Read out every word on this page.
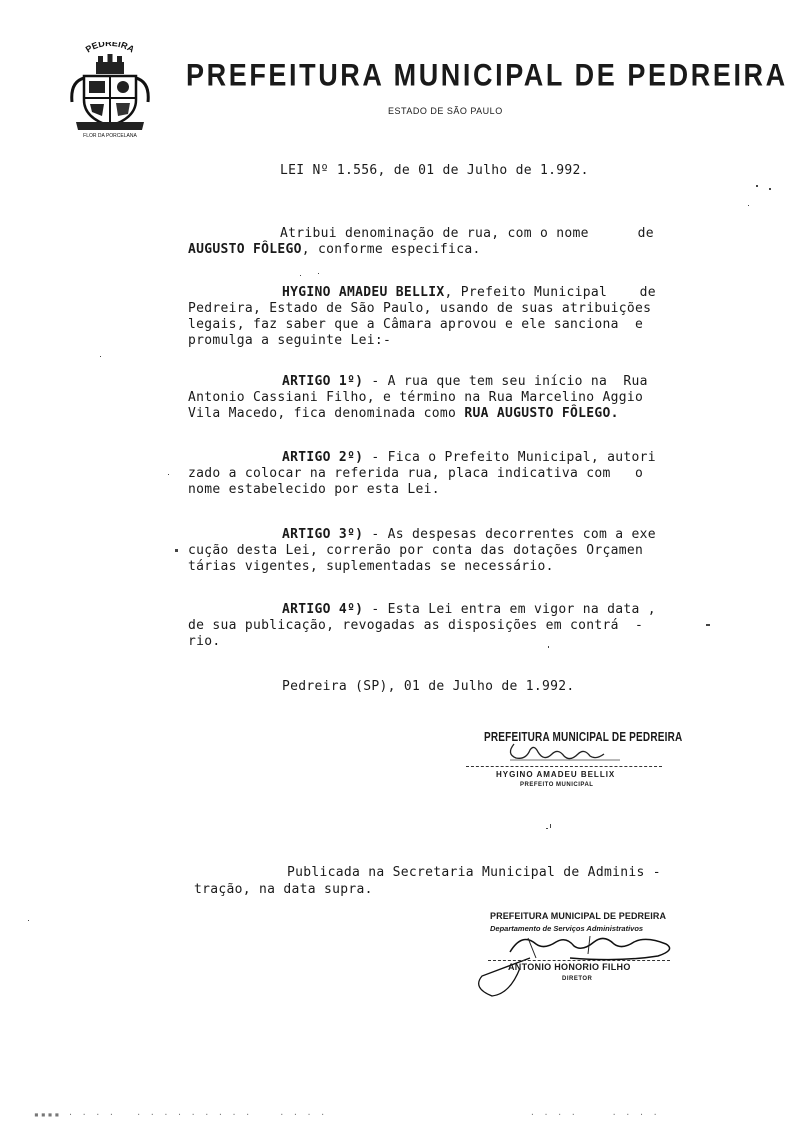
PEDREIRA
FLOR DA PORCELANA
PREFEITURA MUNICIPAL DE PEDREIRA
ESTADO DE SÃO PAULO
LEI Nº 1.556, de 01 de Julho de 1.992.
Atribui denominação de rua, com o nome      de
AUGUSTO FÔLEGO, conforme especifica.
HYGINO AMADEU BELLIX, Prefeito Municipal    de
Pedreira, Estado de São Paulo, usando de suas atribuições
legais, faz saber que a Câmara aprovou e ele sanciona  e
promulga a seguinte Lei:-
ARTIGO 1º) - A rua que tem seu início na  Rua
Antonio Cassiani Filho, e término na Rua Marcelino Aggio
Vila Macedo, fica denominada como RUA AUGUSTO FÔLEGO.
ARTIGO 2º) - Fica o Prefeito Municipal, autori
zado a colocar na referida rua, placa indicativa com   o
nome estabelecido por esta Lei.
ARTIGO 3º) - As despesas decorrentes com a exe
cução desta Lei, correrão por conta das dotações Orçamen
tárias vigentes, suplementadas se necessário.
ARTIGO 4º) - Esta Lei entra em vigor na data ,
de sua publicação, revogadas as disposições em contrá  -
rio.
Pedreira (SP), 01 de Julho de 1.992.
PREFEITURA MUNICIPAL DE PEDREIRA
HYGINO AMADEU BELLIX
PREFEITO MUNICIPAL
Publicada na Secretaria Municipal de Adminis -
tração, na data supra.
PREFEITURA MUNICIPAL DE PEDREIRA
Departamento de Serviços Administrativos
ANTONIO HONORIO FILHO
DIRETOR
▪▪▪▪ · · · ·   · · · · · · · · ·    · · · ·	· · · ·     · · · ·
